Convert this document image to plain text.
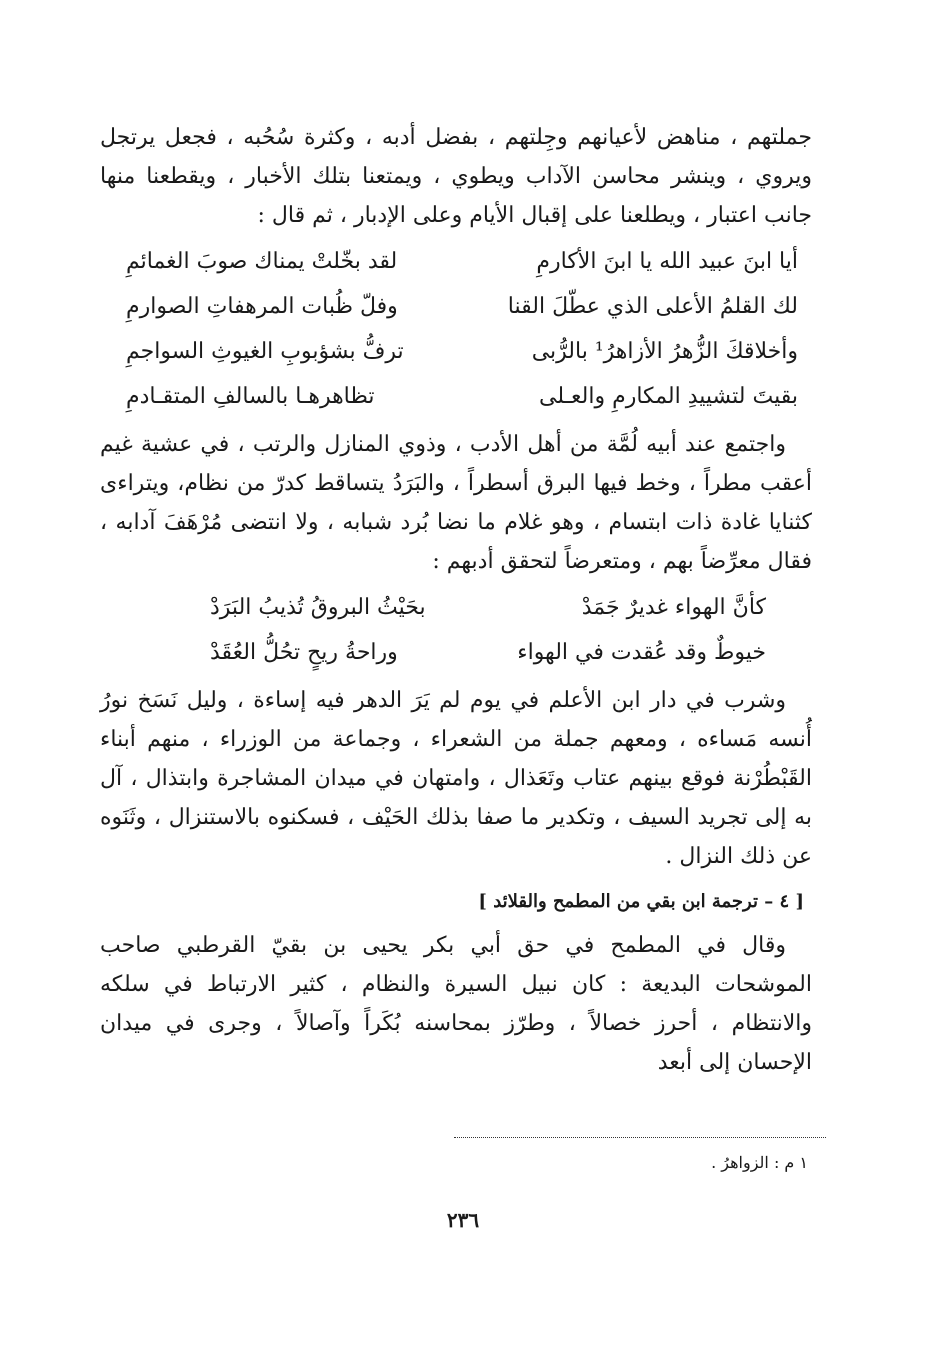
جملتهم ، مناهض لأعيانهم وجِلتهم ، بفضل أدبه ، وكثرة سُحُبه ، فجعل يرتجل ويروي ، وينشر محاسن الآداب ويطوي ، ويمتعنا بتلك الأخبار ، ويقطعنا منها جانب اعتبار ، ويطلعنا على إقبال الأيام وعلى الإدبار ، ثم قال :

أيا ابنَ عبيد الله يا ابنَ الأكارمِ
لقد بخّلتْ يمناك صوبَ الغمائمِ
لك القلمُ الأعلى الذي عطّلَ القنا
وفلّ ظُبات المرهفاتِ الصوارمِ
وأخلاقكَ الزُّهرُ الأزاهرُ¹ بالرُّبى
ترفُّ بشؤبوبِ الغيوثِ السواجمِ
بقيتَ لتشييدِ المكارمِ والعـلى
تظاهرهـا بالسالفِ المتقـادمِ

واجتمع عند أبيه لُمَّة من أهل الأدب ، وذوي المنازل والرتب ، في عشية غيم أعقب مطراً ، وخط فيها البرق أسطراً ، والبَرَدُ يتساقط كدرّ من نظام، ويتراءى كثنايا غادة ذات ابتسام ، وهو غلام ما نضا بُرد شبابه ، ولا انتضى مُرْهَفَ آدابه ، فقال معرِّضاً بهم ، ومتعرضاً لتحقق أدبهم :

كأنَّ الهواء غديرٌ جَمَدْ
بحَيْثُ البروقُ تُذيبُ البَرَدْ
خيوطٌ وقد عُقدت في الهواء
وراحةُ ريحٍ تحُلُّ العُقَدْ

وشرب في دار ابن الأعلم في يوم لم يَرَ الدهر فيه إساءة ، وليل نَسَخ نورُ أُنسه مَساءه ، ومعهم جملة من الشعراء ، وجماعة من الوزراء ، منهم أبناء القَبْطُرْنة فوقع بينهم عتاب وتَعَذال ، وامتهان في ميدان المشاجرة وابتذال ، آل به إلى تجريد السيف ، وتكدير ما صفا بذلك الحَيْف ، فسكنوه بالاستنزال ، وثَنَوه عن ذلك النزال .

[ ٤ – ترجمة ابن بقي من المطمح والقلائد ]

وقال في المطمح في حق أبي بكر يحيى بن بقيّ القرطبي صاحب الموشحات البديعة : كان نبيل السيرة والنظام ، كثير الارتباط في سلكه والانتظام ، أحرز خصالاً ، وطرّز بمحاسنه بُكَراً وآصالاً ، وجرى في ميدان الإحسان إلى أبعد

١ م : الزواهرُ .
٢٣٦
